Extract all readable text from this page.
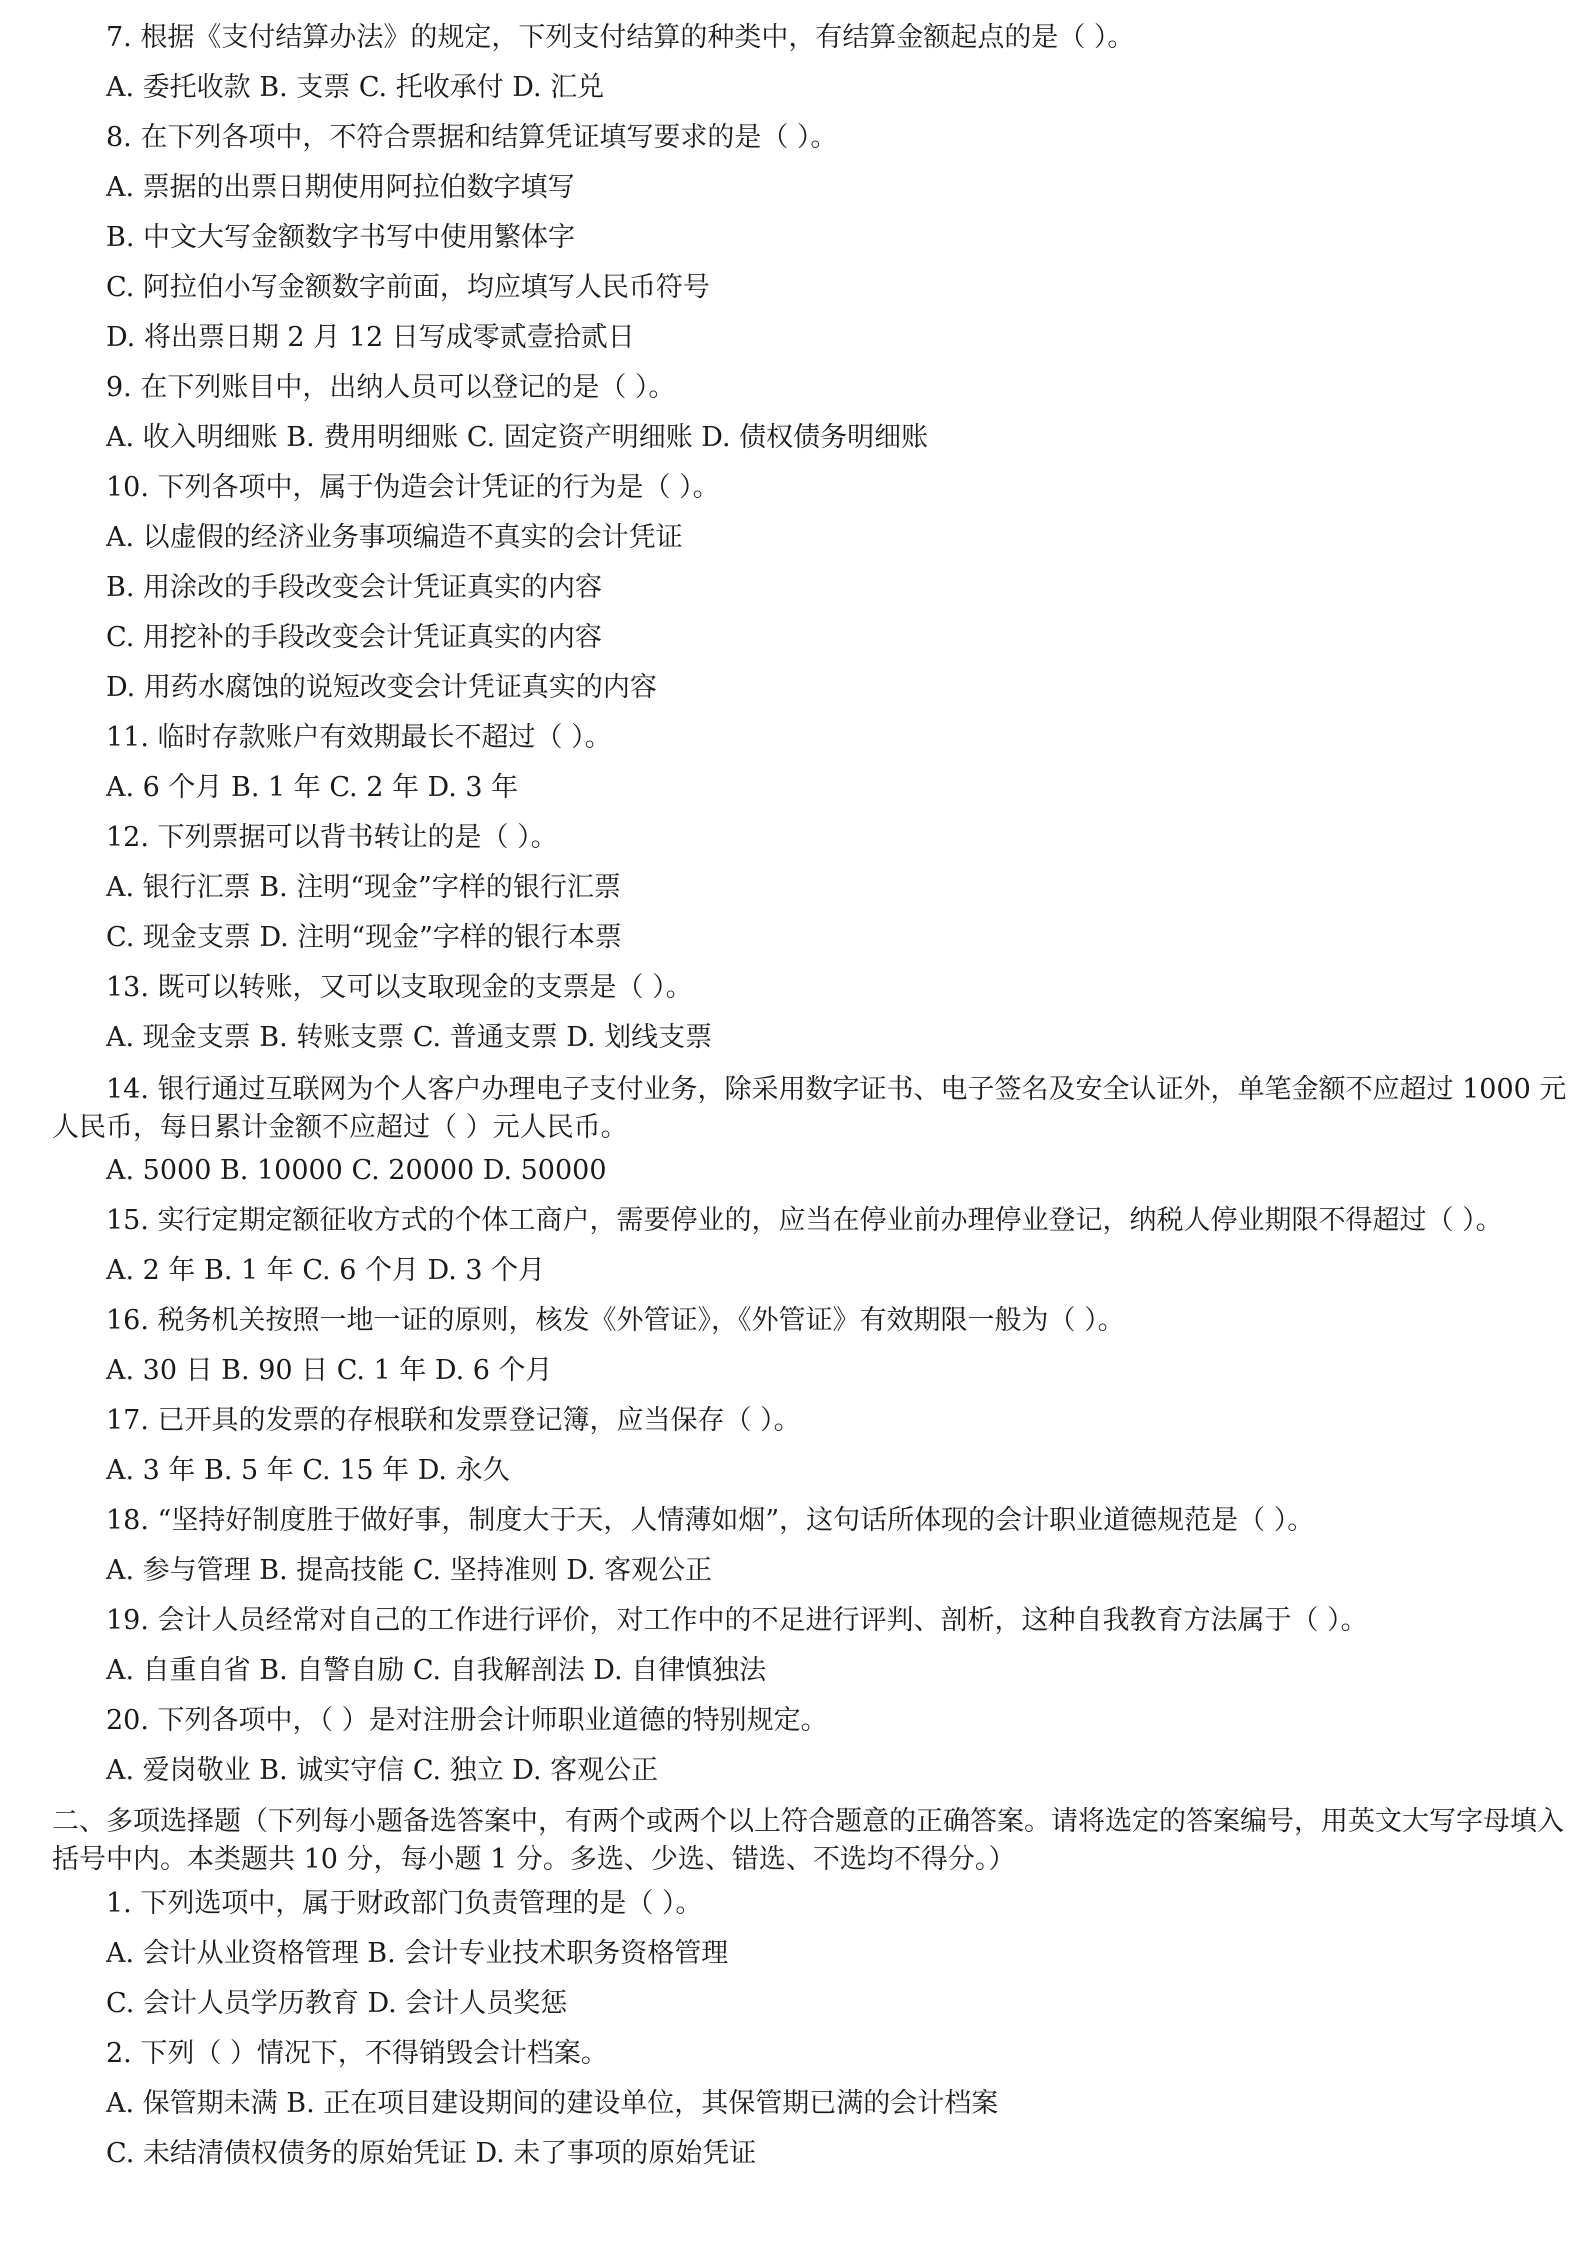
7. 根据《支付结算办法》的规定，下列支付结算的种类中，有结算金额起点的是（ ）。
A. 委托收款 B. 支票 C. 托收承付 D. 汇兑
8. 在下列各项中，不符合票据和结算凭证填写要求的是（ ）。
A. 票据的出票日期使用阿拉伯数字填写
B. 中文大写金额数字书写中使用繁体字
C. 阿拉伯小写金额数字前面，均应填写人民币符号
D. 将出票日期 2 月 12 日写成零贰壹拾贰日
9. 在下列账目中，出纳人员可以登记的是（ ）。
A. 收入明细账 B. 费用明细账 C. 固定资产明细账 D. 债权债务明细账
10. 下列各项中，属于伪造会计凭证的行为是（ ）。
A. 以虚假的经济业务事项编造不真实的会计凭证
B. 用涂改的手段改变会计凭证真实的内容
C. 用挖补的手段改变会计凭证真实的内容
D. 用药水腐蚀的说短改变会计凭证真实的内容
11. 临时存款账户有效期最长不超过（ ）。
A. 6 个月 B. 1 年 C. 2 年 D. 3 年
12. 下列票据可以背书转让的是（ ）。
A. 银行汇票 B. 注明“现金”字样的银行汇票
C. 现金支票 D. 注明“现金”字样的银行本票
13. 既可以转账，又可以支取现金的支票是（ ）。
A. 现金支票 B. 转账支票 C. 普通支票 D. 划线支票
14. 银行通过互联网为个人客户办理电子支付业务，除采用数字证书、电子签名及安全认证外，单笔金额不应超过 1000 元人民币，每日累计金额不应超过（ ）元人民币。
A. 5000 B. 10000 C. 20000 D. 50000
15. 实行定期定额征收方式的个体工商户，需要停业的，应当在停业前办理停业登记，纳税人停业期限不得超过（ ）。
A. 2 年 B. 1 年 C. 6 个月 D. 3 个月
16. 税务机关按照一地一证的原则，核发《外管证》，《外管证》有效期限一般为（ ）。
A. 30 日 B. 90 日 C. 1 年 D. 6 个月
17. 已开具的发票的存根联和发票登记簿，应当保存（ ）。
A. 3 年 B. 5 年 C. 15 年 D. 永久
18. “坚持好制度胜于做好事，制度大于天，人情薄如烟”，这句话所体现的会计职业道德规范是（ ）。
A. 参与管理 B. 提高技能 C. 坚持准则 D. 客观公正
19. 会计人员经常对自己的工作进行评价，对工作中的不足进行评判、剖析，这种自我教育方法属于（ ）。
A. 自重自省 B. 自警自励 C. 自我解剖法 D. 自律慎独法
20. 下列各项中，（ ）是对注册会计师职业道德的特别规定。
A. 爱岗敬业 B. 诚实守信 C. 独立 D. 客观公正
二、多项选择题（下列每小题备选答案中，有两个或两个以上符合题意的正确答案。请将选定的答案编号，用英文大写字母填入括号中内。本类题共 10 分，每小题 1 分。多选、少选、错选、不选均不得分。）
1. 下列选项中，属于财政部门负责管理的是（ ）。
A. 会计从业资格管理 B. 会计专业技术职务资格管理
C. 会计人员学历教育 D. 会计人员奖惩
2. 下列（ ）情况下，不得销毁会计档案。
A. 保管期未满 B. 正在项目建设期间的建设单位，其保管期已满的会计档案
C. 未结清债权债务的原始凭证 D. 未了事项的原始凭证
